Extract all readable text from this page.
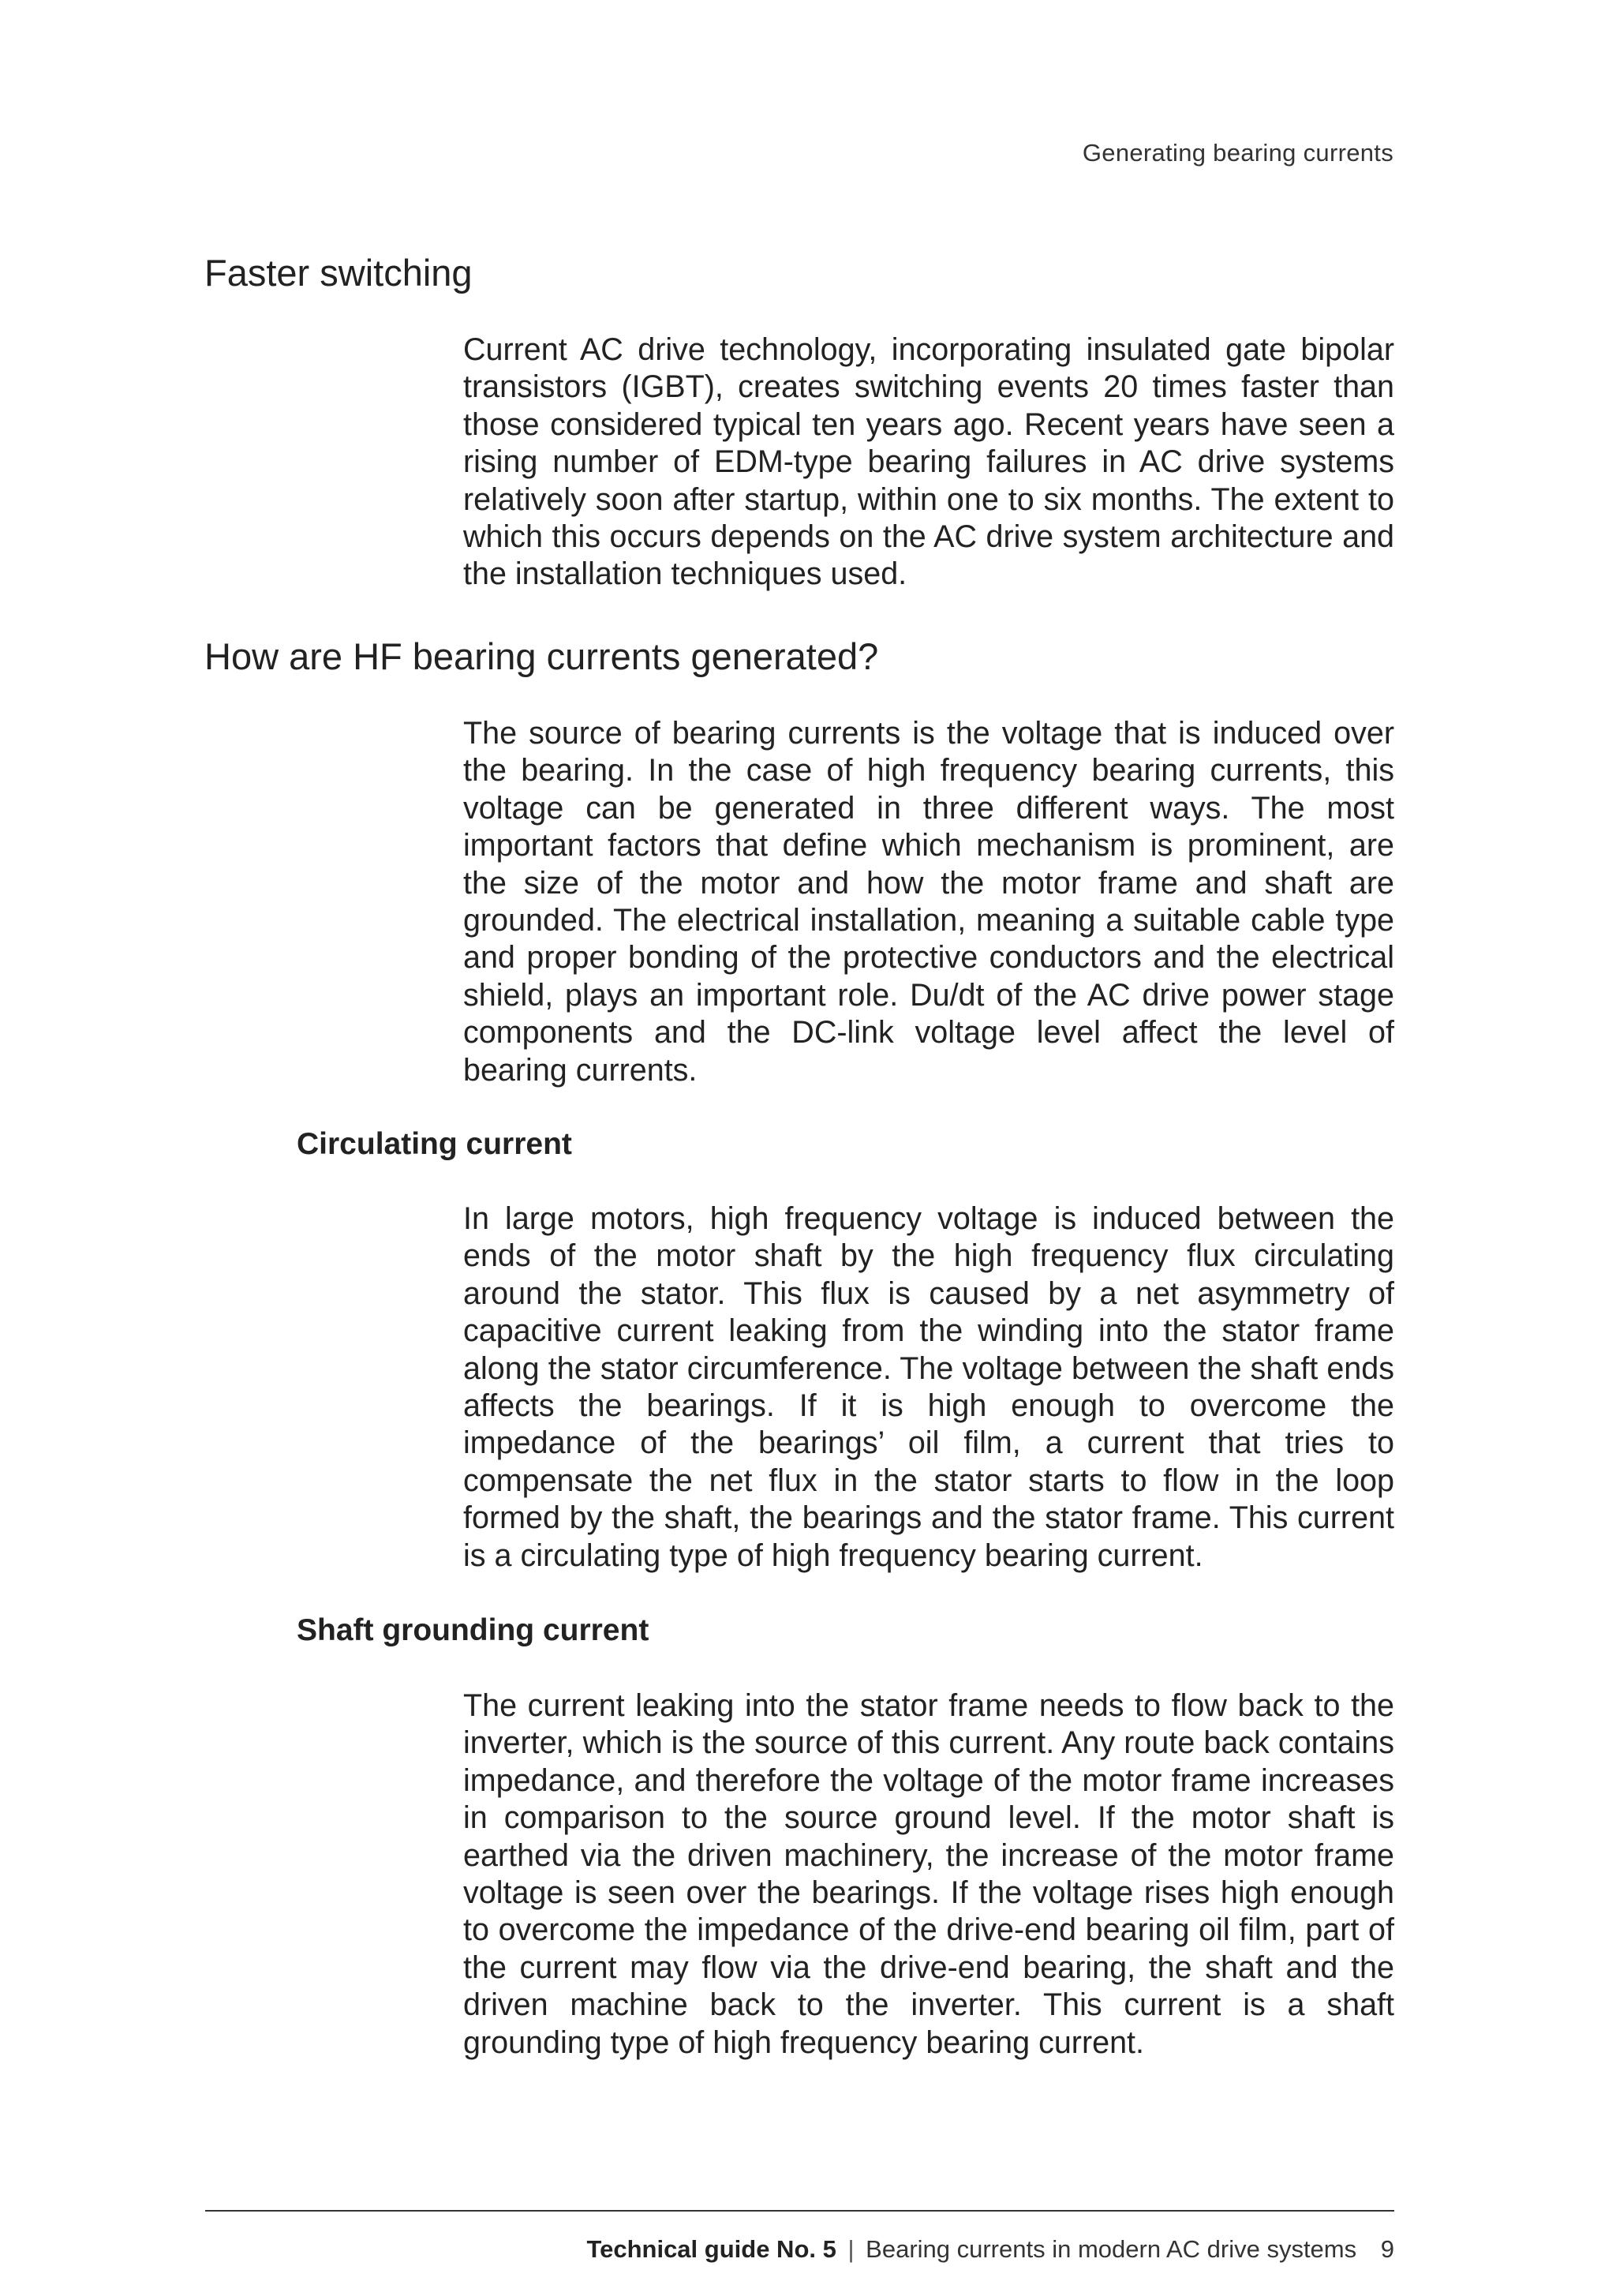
Generating bearing currents
Faster switching

Current AC drive technology, incorporating insulated gate bipolar transistors (IGBT), creates switching events 20 times faster than those considered typical ten years ago. Recent years have seen a rising number of EDM-type bearing failures in AC drive systems relatively soon after startup, within one to six months. The extent to which this occurs depends on the AC drive system architecture and the installation techniques used.

How are HF bearing currents generated?

The source of bearing currents is the voltage that is induced over the bearing. In the case of high frequency bearing currents, this voltage can be generated in three different ways. The most important factors that define which mechanism is prominent, are the size of the motor and how the motor frame and shaft are grounded. The electrical installation, meaning a suitable cable type and proper bonding of the protective conductors and the electrical shield, plays an important role. Du/dt of the AC drive power stage components and the DC-link voltage level affect the level of bearing currents.

Circulating current

In large motors, high frequency voltage is induced between the ends of the motor shaft by the high frequency flux circulating around the stator. This flux is caused by a net asymmetry of capacitive current leaking from the winding into the stator frame along the stator circumference. The voltage between the shaft ends affects the bearings. If it is high enough to overcome the impedance of the bearings’ oil film, a current that tries to compensate the net flux in the stator starts to flow in the loop formed by the shaft, the bearings and the stator frame. This current is a circulating type of high frequency bearing current.

Shaft grounding current

The current leaking into the stator frame needs to flow back to the inverter, which is the source of this current. Any route back contains impedance, and therefore the voltage of the motor frame increases in comparison to the source ground level. If the motor shaft is earthed via the driven machinery, the increase of the motor frame voltage is seen over the bearings. If the voltage rises high enough to overcome the impedance of the drive-end bearing oil film, part of the current may flow via the drive-end bearing, the shaft and the driven machine back to the inverter. This current is a shaft grounding type of high frequency bearing current.

Technical guide No. 5 | Bearing currents in modern AC drive systems 9
